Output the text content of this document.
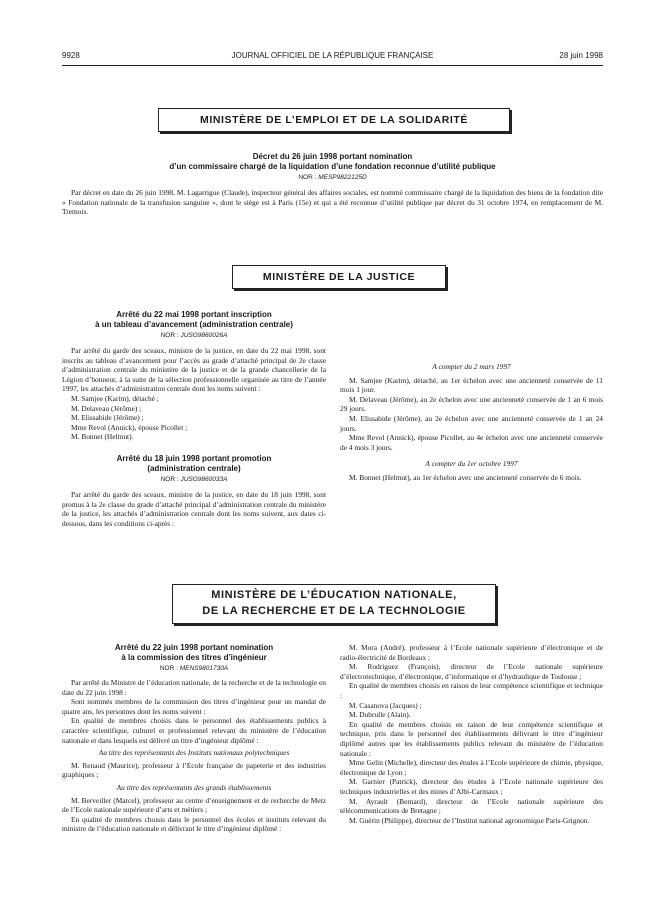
9928	JOURNAL OFFICIEL DE LA RÉPUBLIQUE FRANÇAISE	28 juin 1998
MINISTÈRE DE L’EMPLOI ET DE LA SOLIDARITÉ
Décret du 26 juin 1998 portant nomination
d’un commissaire chargé de la liquidation d’une fondation reconnue d’utilité publique
NOR : MESP9822125D

Par décret en date du 26 juin 1998, M. Lagarrigue (Claude), inspecteur général des affaires sociales, est nommé commissaire chargé de la liquidation des biens de la fondation dite « Fondation nationale de la transfusion sanguine », dont le siège est à Paris (15e) et qui a été reconnue d’utilité publique par décret du 31 octobre 1974, en remplacement de M. Tremois.

MINISTÈRE DE LA JUSTICE
Arrêté du 22 mai 1998 portant inscription
à un tableau d’avancement (administration centrale)
NOR : JUSG9860026A

Par arrêté du garde des sceaux, ministre de la justice, en date du 22 mai 1998, sont inscrits au tableau d’avancement pour l’accès au grade d’attaché principal de 2e classe d’administration centrale du ministère de la justice et de la grande chancellerie de la Légion d’honneur, à la suite de la sélection professionnelle organisée au titre de l’année 1997, les attachés d’administration centrale dont les noms suivent :

M. Samjee (Karim), détaché ;
M. Delaveau (Jérôme) ;
M. Elissabide (Jérôme) ;
Mme Revol (Annick), épouse Picollet ;
M. Bonnet (Helmut).
Arrêté du 18 juin 1998 portant promotion
(administration centrale)
NOR : JUSG9860033A

Par arrêté du garde des sceaux, ministre de la justice, en date du 18 juin 1998, sont promus à la 2e classe du grade d’attaché principal d’administration centrale du ministère de la justice, les attachés d’administration centrale dont les noms suivent, aux dates ci-dessous, dans les conditions ci-après :

A compter du 2 mars 1997

M. Samjee (Karim), détaché, au 1er échelon avec une ancienneté conservée de 11 mois 1 jour.

M. Delaveau (Jérôme), au 2e échelon avec une ancienneté conservée de 1 an 6 mois 29 jours.

M. Elissabide (Jérôme), au 2e échelon avec une ancienneté conservée de 1 an 24 jours.

Mme Revol (Annick), épouse Picollet, au 4e échelon avec une ancienneté conservée de 4 mois 3 jours.

A compter du 1er octobre 1997

M. Bonnet (Helmut), au 1er échelon avec une ancienneté conservée de 6 mois.

MINISTÈRE DE L’ÉDUCATION NATIONALE,
DE LA RECHERCHE ET DE LA TECHNOLOGIE
Arrêté du 22 juin 1998 portant nomination
à la commission des titres d’ingénieur
NOR : MENS9801730A

Par arrêté du Ministre de l’éducation nationale, de la recherche et de la technologie en date du 22 juin 1998 :

Sont nommés membres de la commission des titres d’ingénieur pour un mandat de quatre ans, les personnes dont les noms suivent :

En qualité de membres choisis dans le personnel des établissements publics à caractère scientifique, culturel et professionnel relevant du ministère de l’éducation nationale et dans lesquels est délivré un titre d’ingénieur diplômé :

Au titre des représentants des Instituts nationaux polytechniques

M. Renaud (Maurice), professeur à l’Ecole française de papeterie et des industries graphiques ;

Au titre des représentants des grands établissements

M. Berveiller (Marcel), professeur au centre d’enseignement et de recherche de Metz de l’Ecole nationale supérieure d’arts et métiers ;

En qualité de membres choisis dans le personnel des écoles et instituts relevant du ministre de l’éducation nationale et délivrant le titre d’ingénieur diplômé :

M. Mora (André), professeur à l’Ecole nationale supérieure d’électronique et de radio-électricité de Bordeaux ;

M. Rodriguez (François), directeur de l’Ecole nationale supérieure d’électrotechnique, d’électronique, d’informatique et d’hydraulique de Toulouse ;

En qualité de membres choisis en raison de leur compétence scientifique et technique :

M. Casanova (Jacques) ;

M. Dubrulle (Alain).

En qualité de membres choisis en raison de leur compétence scientifique et technique, pris dans le personnel des établissements délivrant le titre d’ingénieur diplômé autres que les établissements publics relevant du ministère de l’éducation nationale :

Mme Gelin (Michelle), directeur des études à l’Ecole supérieure de chimie, physique, électronique de Lyon ;

M. Garnier (Patrick), directeur des études à l’Ecole nationale supérieure des techniques industrielles et des mines d’Albi-Carmaux ;

M. Ayrault (Bernard), directeur de l’Ecole nationale supérieure des télécommunications de Bretagne ;

M. Guérin (Philippe), directeur de l’Institut national agronomique Paris-Grignon.
